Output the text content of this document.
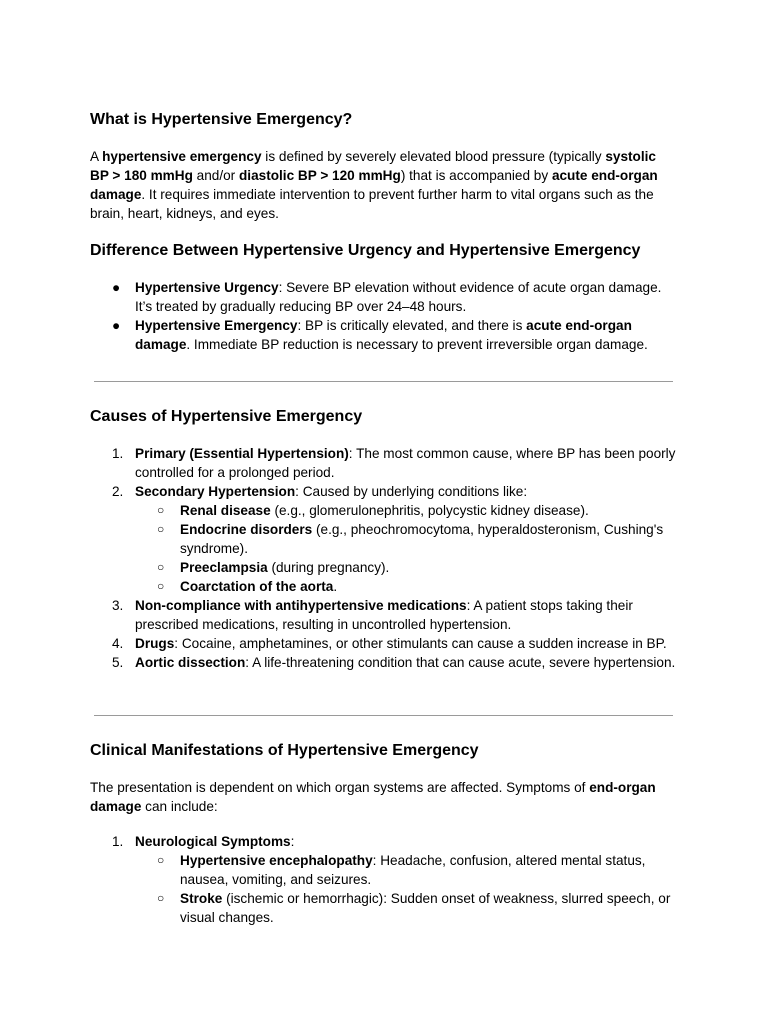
What is Hypertensive Emergency?

A hypertensive emergency is defined by severely elevated blood pressure (typically systolic BP > 180 mmHg and/or diastolic BP > 120 mmHg) that is accompanied by acute end-organ damage. It requires immediate intervention to prevent further harm to vital organs such as the brain, heart, kidneys, and eyes.

Difference Between Hypertensive Urgency and Hypertensive Emergency
● Hypertensive Urgency: Severe BP elevation without evidence of acute organ damage. It’s treated by gradually reducing BP over 24–48 hours.
● Hypertensive Emergency: BP is critically elevated, and there is acute end-organ damage. Immediate BP reduction is necessary to prevent irreversible organ damage.
Causes of Hypertensive Emergency
1. Primary (Essential Hypertension): The most common cause, where BP has been poorly controlled for a prolonged period.
2. Secondary Hypertension: Caused by underlying conditions like:
○ Renal disease (e.g., glomerulonephritis, polycystic kidney disease).
○ Endocrine disorders (e.g., pheochromocytoma, hyperaldosteronism, Cushing's syndrome).
○ Preeclampsia (during pregnancy).
○ Coarctation of the aorta.
3. Non-compliance with antihypertensive medications: A patient stops taking their prescribed medications, resulting in uncontrolled hypertension.
4. Drugs: Cocaine, amphetamines, or other stimulants can cause a sudden increase in BP.
5. Aortic dissection: A life-threatening condition that can cause acute, severe hypertension.
Clinical Manifestations of Hypertensive Emergency

The presentation is dependent on which organ systems are affected. Symptoms of end-organ damage can include:

1. Neurological Symptoms:
○ Hypertensive encephalopathy: Headache, confusion, altered mental status, nausea, vomiting, and seizures.
○ Stroke (ischemic or hemorrhagic): Sudden onset of weakness, slurred speech, or visual changes.
